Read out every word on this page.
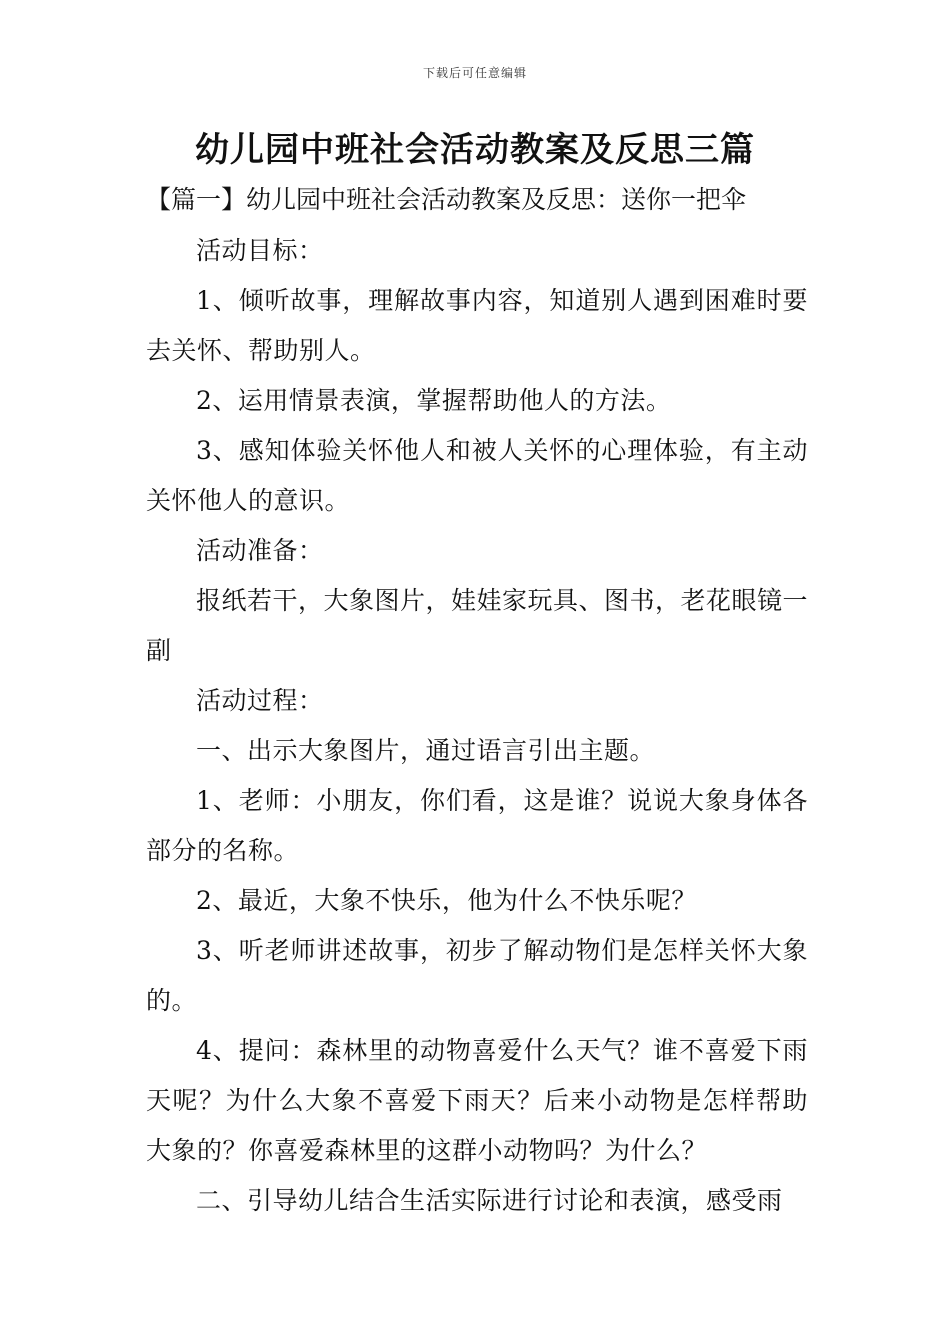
下载后可任意编辑
幼儿园中班社会活动教案及反思三篇
【篇一】幼儿园中班社会活动教案及反思：送你一把伞

活动目标：

1、倾听故事，理解故事内容，知道别人遇到困难时要去关怀、帮助别人。

2、运用情景表演，掌握帮助他人的方法。

3、感知体验关怀他人和被人关怀的心理体验，有主动关怀他人的意识。

活动准备：

报纸若干，大象图片，娃娃家玩具、图书，老花眼镜一副

活动过程：

一、出示大象图片，通过语言引出主题。

1、老师：小朋友，你们看，这是谁？说说大象身体各部分的名称。

2、最近，大象不快乐，他为什么不快乐呢？

3、听老师讲述故事，初步了解动物们是怎样关怀大象的。

4、提问：森林里的动物喜爱什么天气？谁不喜爱下雨天呢？为什么大象不喜爱下雨天？后来小动物是怎样帮助大象的？你喜爱森林里的这群小动物吗？为什么？

二、引导幼儿结合生活实际进行讨论和表演，感受雨
